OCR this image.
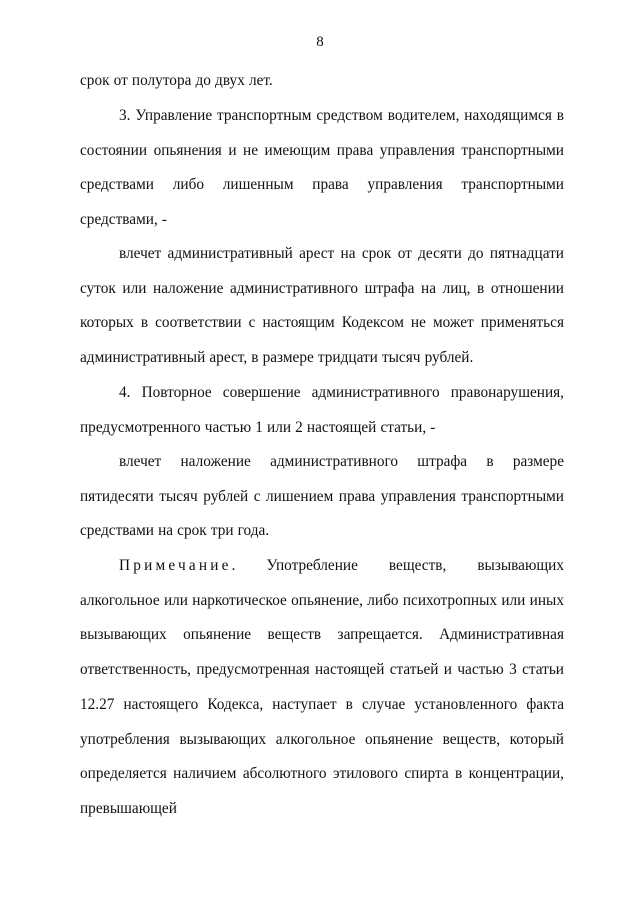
8

срок от полутора до двух лет.

3. Управление транспортным средством водителем, находящимся в состоянии опьянения и не имеющим права управления транспортными средствами либо лишенным права управления транспортными средствами, -

влечет административный арест на срок от десяти до пятнадцати суток или наложение административного штрафа на лиц, в отношении которых в соответствии с настоящим Кодексом не может применяться административный арест, в размере тридцати тысяч рублей.

4. Повторное совершение административного правонарушения, предусмотренного частью 1 или 2 настоящей статьи, -

влечет наложение административного штрафа в размере пятидесяти тысяч рублей с лишением права управления транспортными средствами на срок три года.

Примечание. Употребление веществ, вызывающих алкогольное или наркотическое опьянение, либо психотропных или иных вызывающих опьянение веществ запрещается. Административная ответственность, предусмотренная настоящей статьей и частью 3 статьи 12.27 настоящего Кодекса, наступает в случае установленного факта употребления вызывающих алкогольное опьянение веществ, который определяется наличием абсолютного этилового спирта в концентрации, превышающей
